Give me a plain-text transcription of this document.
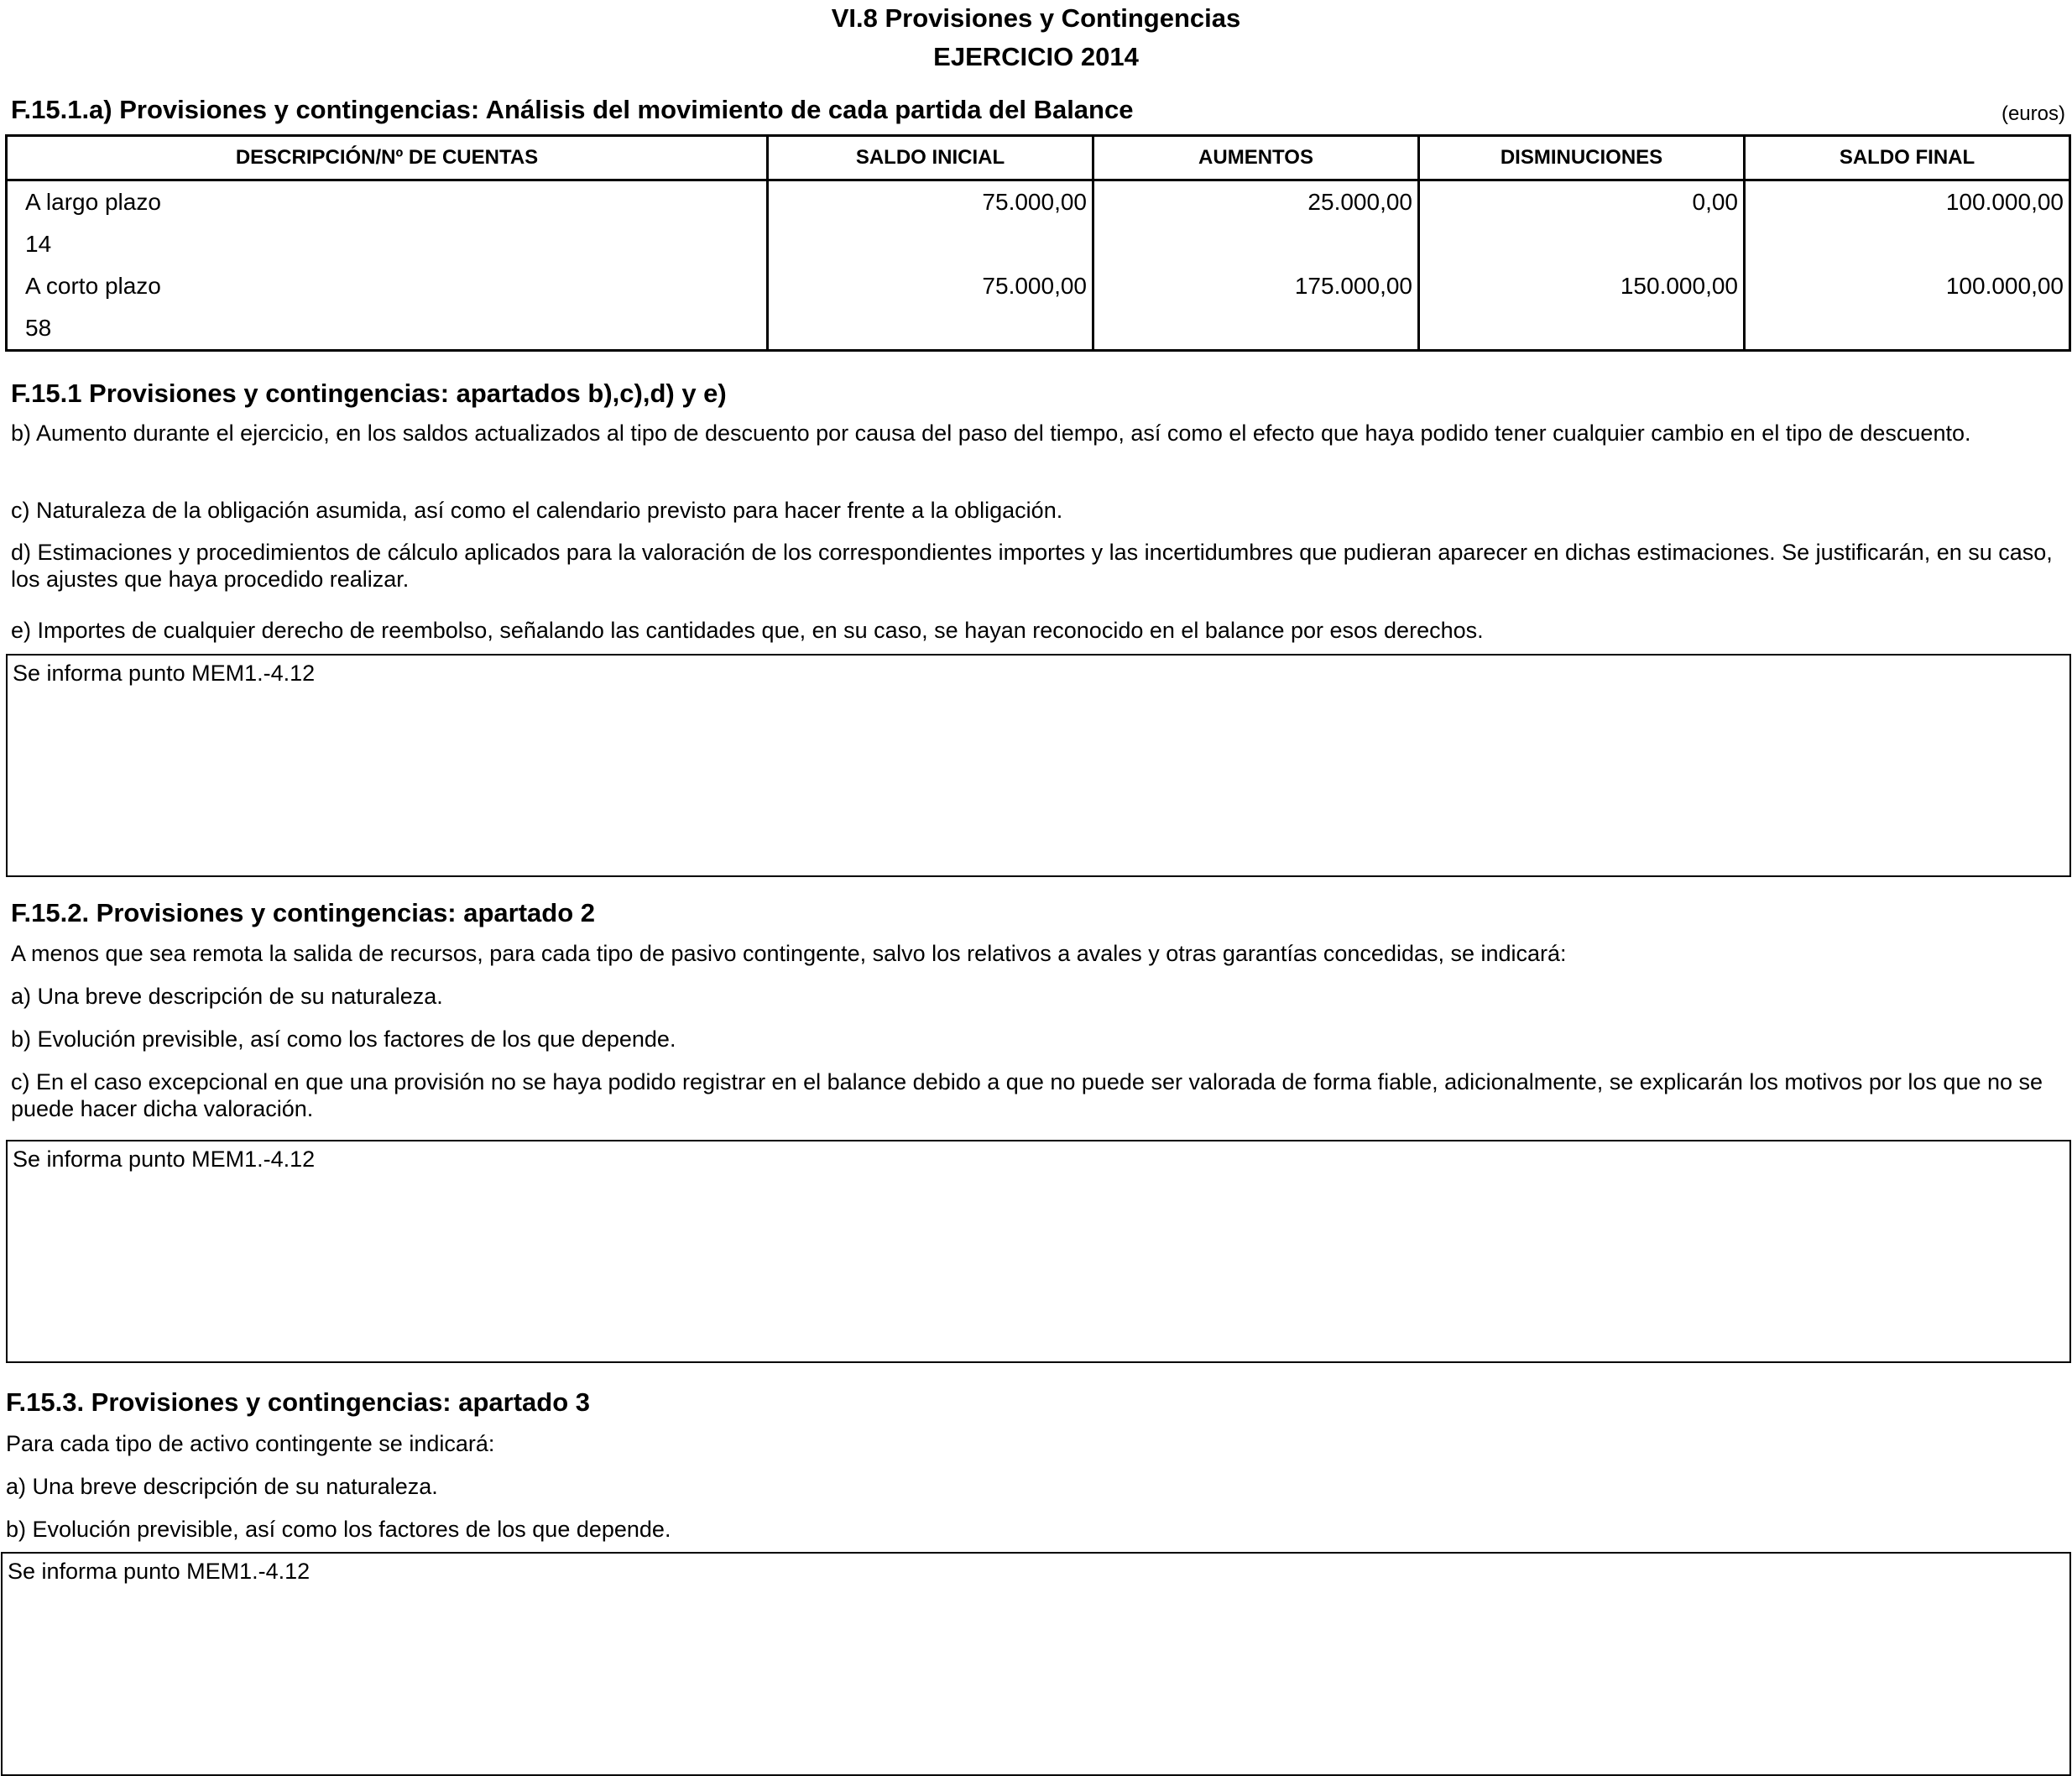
VI.8 Provisiones y Contingencias
EJERCICIO 2014
F.15.1.a) Provisiones y contingencias: Análisis del movimiento de cada partida del Balance	(euros)
DESCRIPCIÓN/Nº DE CUENTAS	SALDO INICIAL	AUMENTOS	DISMINUCIONES	SALDO FINAL
A largo plazo	75.000,00	25.000,00	0,00	100.000,00
14				
A corto plazo	75.000,00	175.000,00	150.000,00	100.000,00
58				
F.15.1 Provisiones y contingencias: apartados b),c),d) y e)
b) Aumento durante el ejercicio, en los saldos actualizados al tipo de descuento por causa del paso del tiempo, así como el efecto que haya podido tener cualquier cambio en el tipo de descuento.
c) Naturaleza de la obligación asumida, así como el calendario previsto para hacer frente a la obligación.
d) Estimaciones y procedimientos de cálculo aplicados para la valoración de los correspondientes importes y las incertidumbres que pudieran aparecer en dichas estimaciones. Se justificarán, en su caso, los ajustes que haya procedido realizar.
e) Importes de cualquier derecho de reembolso, señalando las cantidades que, en su caso, se hayan reconocido en el balance por esos derechos.
Se informa punto MEM1.-4.12
F.15.2. Provisiones y contingencias: apartado 2
A menos que sea remota la salida de recursos, para cada tipo de pasivo contingente, salvo los relativos a avales y otras garantías concedidas, se indicará:
a) Una breve descripción de su naturaleza.
b) Evolución previsible, así como los factores de los que depende.
c) En el caso excepcional en que una provisión no se haya podido registrar en el balance debido a que no puede ser valorada de forma fiable, adicionalmente, se explicarán los motivos por los que no se puede hacer dicha valoración.
Se informa punto MEM1.-4.12
F.15.3. Provisiones y contingencias: apartado 3
Para cada tipo de activo contingente se indicará:
a) Una breve descripción de su naturaleza.
b) Evolución previsible, así como los factores de los que depende.
Se informa punto MEM1.-4.12
